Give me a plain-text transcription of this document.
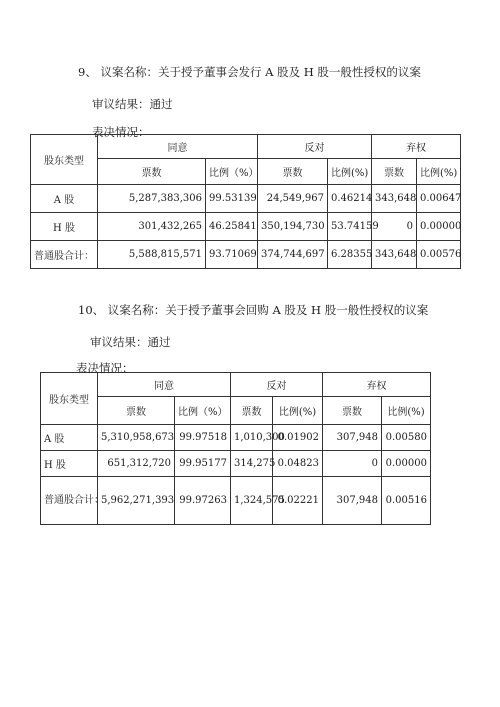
9、 议案名称：关于授予董事会发行 A 股及 H 股一般性授权的议案
审议结果：通过
表决情况：
股东类型	同意		反对		弃权	
	票数	比例（%）	票数	比例(%)	票数	比例(%)
A 股	5,287,383,306	99.53139	24,549,967	0.46214	343,648	0.00647
H 股	301,432,265	46.25841	350,194,730	53.74159	0	0.00000
普通股合计：	5,588,815,571	93.71069	374,744,697	6.28355	343,648	0.00576
10、 议案名称：关于授予董事会回购 A 股及 H 股一般性授权的议案
审议结果：通过
表决情况：
股东类型	同意		反对		弃权	
	票数	比例（%）	票数	比例(%)	票数	比例(%)
A 股	5,310,958,673	99.97518	1,010,300	0.01902	307,948	0.00580
H 股	651,312,720	99.95177	314,275	0.04823	0	0.00000
普通股合计：	5,962,271,393	99.97263	1,324,575	0.02221	307,948	0.00516
